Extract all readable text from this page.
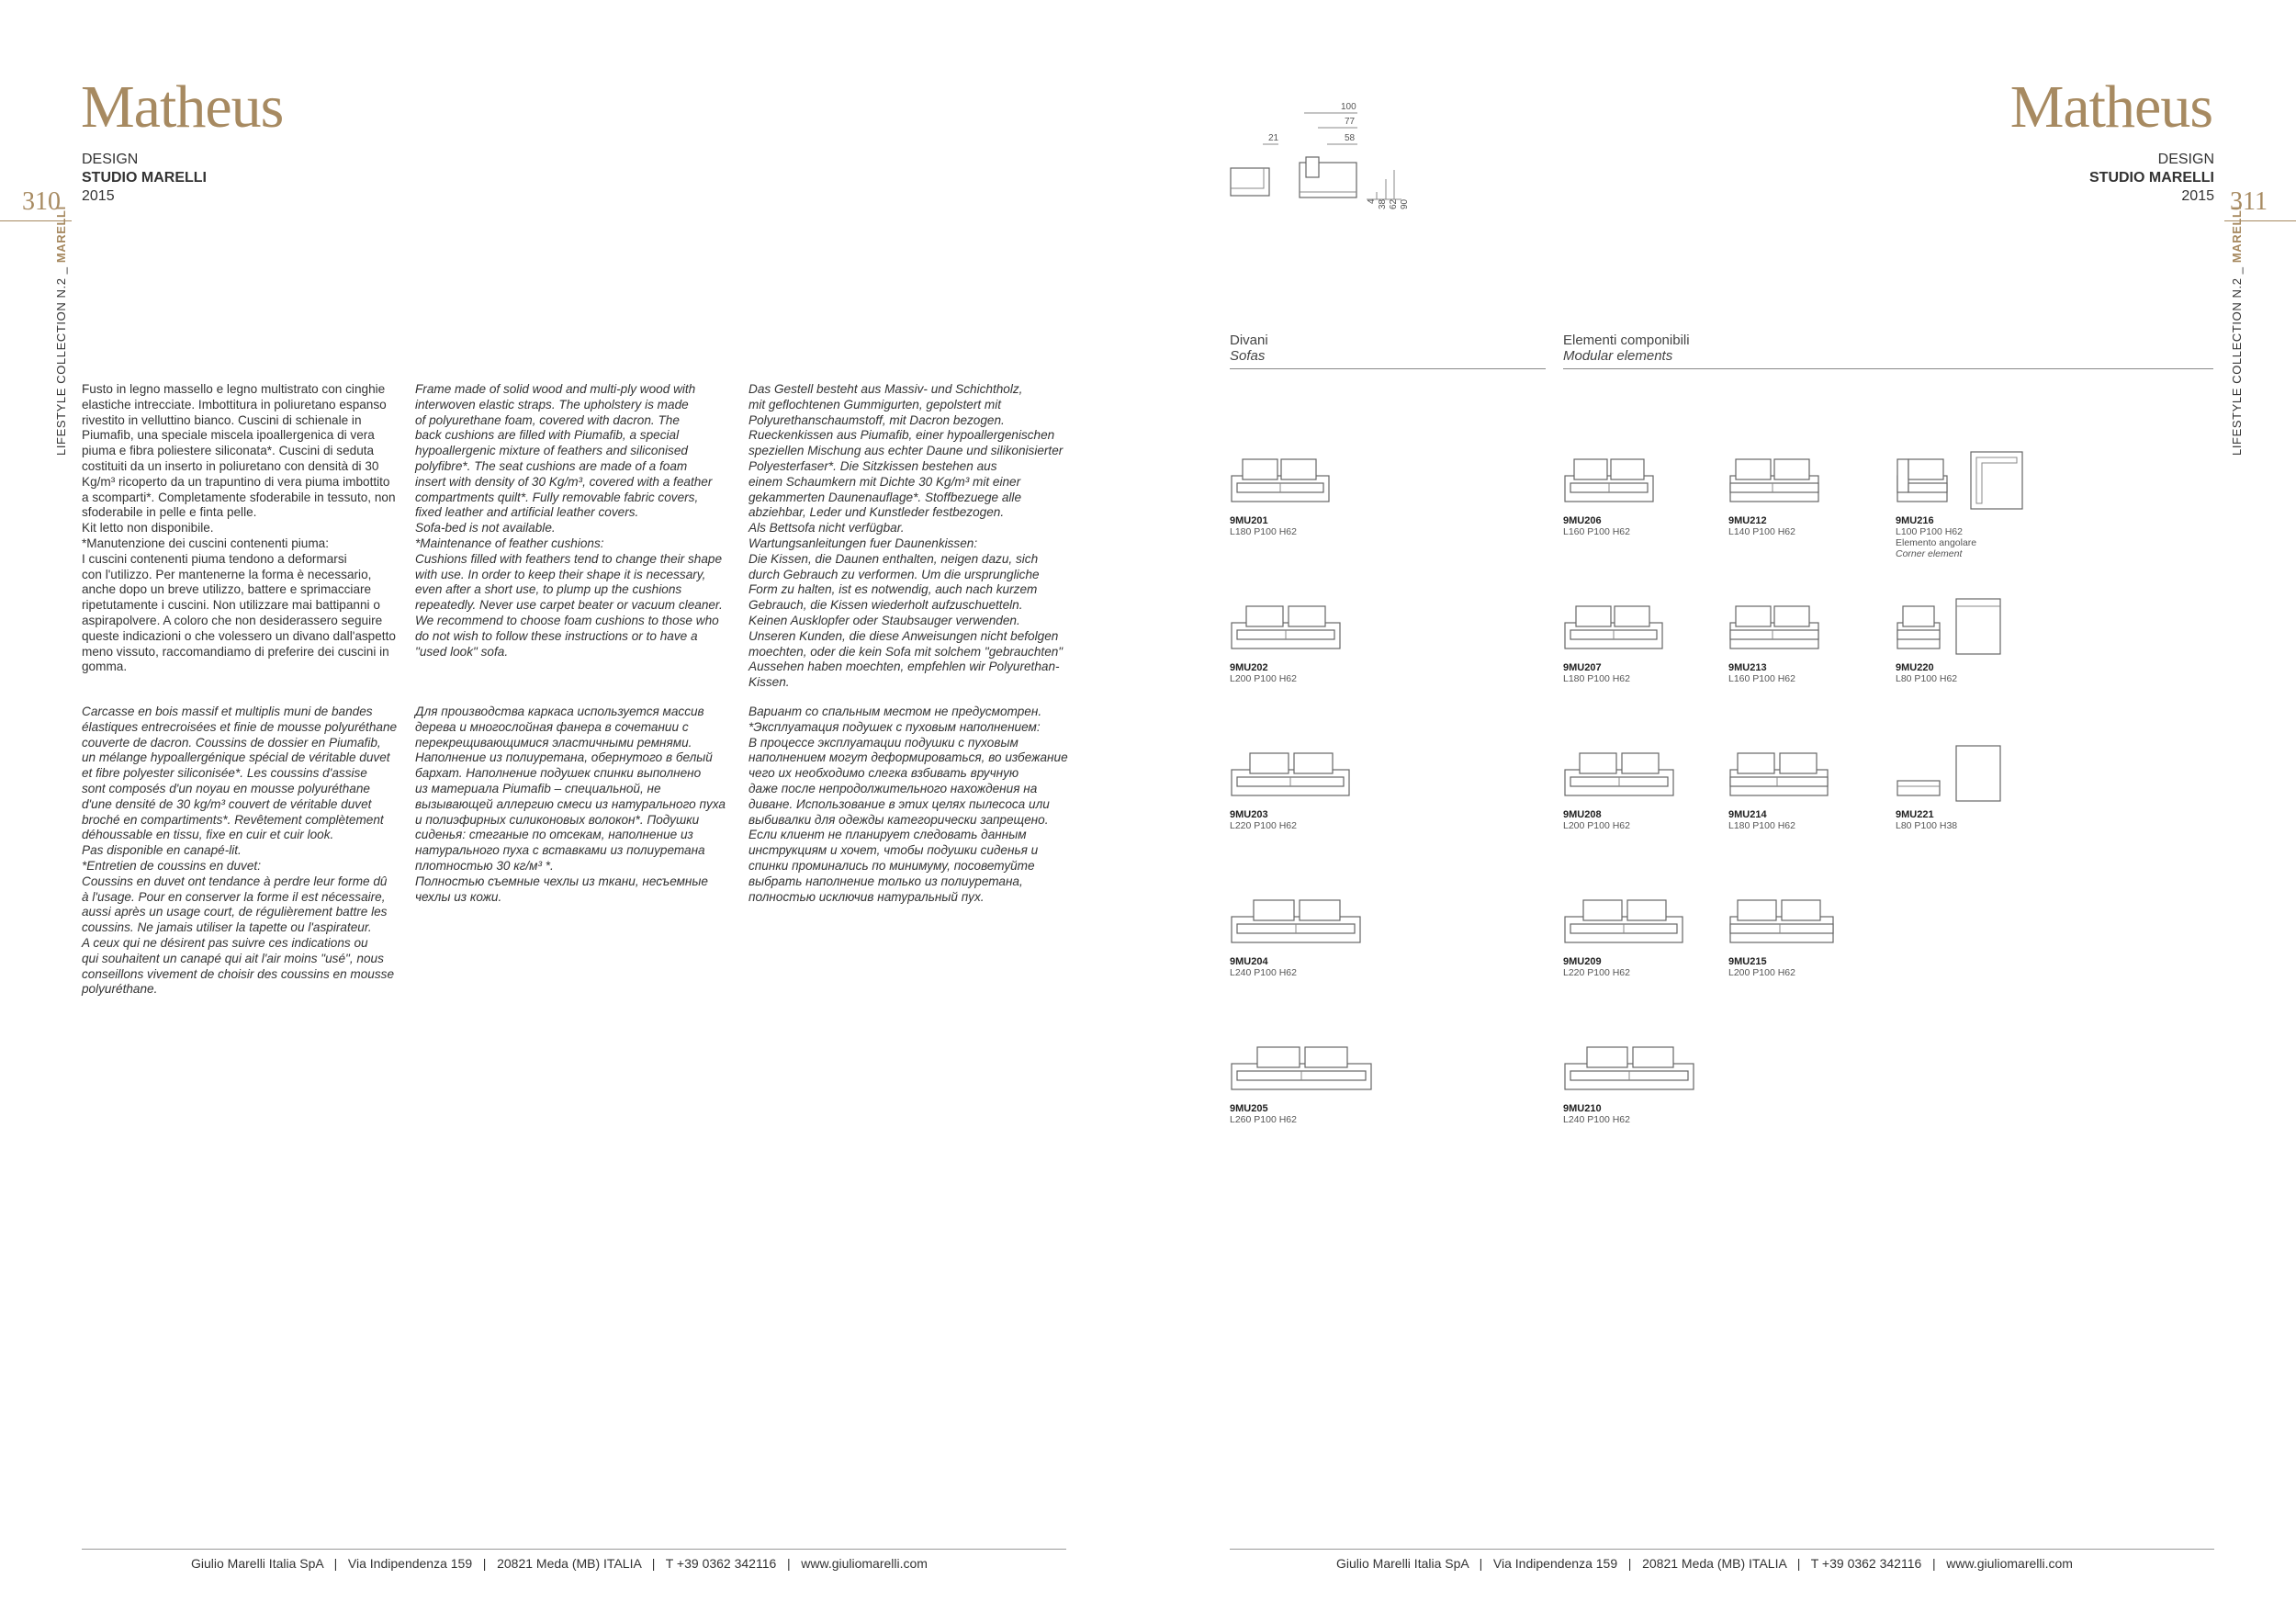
Matheus
DESIGN
STUDIO MARELLI
2015
310
LIFESTYLE COLLECTION N.2 _ MARELLI
Fusto in legno massello e legno multistrato con cinghie
elastiche intrecciate. Imbottitura in poliuretano espanso
rivestito in velluttino bianco. Cuscini di schienale in
Piumafib, una speciale miscela ipoallergenica di vera
piuma e fibra poliestere siliconata*. Cuscini di seduta
costituiti da un inserto in poliuretano con densità di 30
Kg/m³ ricoperto da un trapuntino di vera piuma imbottito
a scomparti*. Completamente sfoderabile in tessuto, non
sfoderabile in pelle e finta pelle.
Kit letto non disponibile.
*Manutenzione dei cuscini contenenti piuma:
I cuscini contenenti piuma tendono a deformarsi
con l'utilizzo. Per mantenerne la forma è necessario,
anche dopo un breve utilizzo, battere e sprimacciare
ripetutamente i cuscini. Non utilizzare mai battipanni o
aspirapolvere. A coloro che non desiderassero seguire
queste indicazioni o che volessero un divano dall'aspetto
meno vissuto, raccomandiamo di preferire dei cuscini in
gomma.
Frame made of solid wood and multi-ply wood with
interwoven elastic straps. The upholstery is made
of polyurethane foam, covered with dacron. The
back cushions are filled with Piumafib, a special
hypoallergenic mixture of feathers and siliconised
polyfibre*. The seat cushions are made of a foam
insert with density of 30 Kg/m³, covered with a feather
compartments quilt*. Fully removable fabric covers,
fixed leather and artificial leather covers.
Sofa-bed is not available.
*Maintenance of feather cushions:
Cushions filled with feathers tend to change their shape
with use. In order to keep their shape it is necessary,
even after a short use, to plump up the cushions
repeatedly. Never use carpet beater or vacuum cleaner.
We recommend to choose foam cushions to those who
do not wish to follow these instructions or to have a
"used look" sofa.
Das Gestell besteht aus Massiv- und Schichtholz,
mit geflochtenen Gummigurten, gepolstert mit
Polyurethanschaumstoff, mit Dacron bezogen.
Rueckenkissen aus Piumafib, einer hypoallergenischen
speziellen Mischung aus echter Daune und silikonisierter
Polyesterfaser*. Die Sitzkissen bestehen aus
einem Schaumkern mit Dichte 30 Kg/m³ mit einer
gekammerten Daunenauflage*. Stoffbezuege alle
abziehbar, Leder und Kunstleder festbezogen.
Als Bettsofa nicht verfügbar.
Wartungsanleitungen fuer Daunenkissen:
Die Kissen, die Daunen enthalten, neigen dazu, sich
durch Gebrauch zu verformen. Um die ursprungliche
Form zu halten, ist es notwendig, auch nach kurzem
Gebrauch, die Kissen wiederholt aufzuschuetteln.
Keinen Ausklopfer oder Staubsauger verwenden.
Unseren Kunden, die diese Anweisungen nicht befolgen
moechten, oder die kein Sofa mit solchem "gebrauchten"
Aussehen haben moechten, empfehlen wir Polyurethan-
Kissen.
Carcasse en bois massif et multiplis muni de bandes
élastiques entrecroisées et finie de mousse polyuréthane
couverte de dacron. Coussins de dossier en Piumafib,
un mélange hypoallergénique spécial de véritable duvet
et fibre polyester siliconisée*. Les coussins d'assise
sont composés d'un noyau en mousse polyuréthane
d'une densité de 30 kg/m³ couvert de véritable duvet
broché en compartiments*. Revêtement complètement
déhoussable en tissu, fixe en cuir et cuir look.
Pas disponible en canapé-lit.
*Entretien de coussins en duvet:
Coussins en duvet ont tendance à perdre leur forme dû
à l'usage. Pour en conserver la forme il est nécessaire,
aussi après un usage court, de régulièrement battre les
coussins. Ne jamais utiliser la tapette ou l'aspirateur.
A ceux qui ne désirent pas suivre ces indications ou
qui souhaitent un canapé qui ait l'air moins "usé", nous
conseillons vivement de choisir des coussins en mousse
polyuréthane.
Для производства каркаса используется массив
дерева и многослойная фанера в сочетании с
перекрещивающимися эластичными ремнями.
Наполнение из полиуретана, обернутого в белый
бархат. Наполнение подушек спинки выполнено
из материала Piumafib – специальной, не
вызывающей аллергию смеси из натурального пуха
и полиэфирных силиконовых волокон*. Подушки
сиденья: стеганые по отсекам, наполнение из
натурального пуха с вставками из полиуретана
плотностью 30 кг/м³ *.
Полностью съемные чехлы из ткани, несъемные
чехлы из кожи.
Вариант со спальным местом не предусмотрен.
*Эксплуатация подушек с пуховым наполнением:
В процессе эксплуатации подушки с пуховым
наполнением могут деформироваться, во избежание
чего их необходимо слегка взбивать вручную
даже после непродолжительного нахождения на
диване. Использование в этих целях пылесоса или
выбивалки для одежды категорически запрещено.
Если клиент не планирует следовать данным
инструкциям и хочет, чтобы подушки сиденья и
спинки проминались по минимуму, посоветуйте
выбрать наполнение только из полиуретана,
полностью исключив натуральный пух.
Giulio Marelli Italia SpA   |   Via Indipendenza 159   |   20821 Meda (MB) ITALIA   |   T +39 0362 342116   |   www.giuliomarelli.com
Matheus
DESIGN
STUDIO MARELLI
2015 311
LIFESTYLE COLLECTION N.2 _ MARELLI
100
77
58
21
4 38 62 90
Divani
Sofas
Elementi componibili
Modular elements
9MU201
L180 P100 H62
9MU202
L200 P100 H62
9MU203
L220 P100 H62
9MU204
L240 P100 H62
9MU205
L260 P100 H62
9MU206
L160 P100 H62
9MU207
L180 P100 H62
9MU208
L200 P100 H62
9MU209
L220 P100 H62
9MU210
L240 P100 H62
9MU212
L140 P100 H62
9MU213
L160 P100 H62
9MU214
L180 P100 H62
9MU215
L200 P100 H62
9MU216
L100 P100 H62
Elemento angolare
Corner element
9MU220
L80 P100 H62
9MU221
L80 P100 H38
Giulio Marelli Italia SpA   |   Via Indipendenza 159   |   20821 Meda (MB) ITALIA   |   T +39 0362 342116   |   www.giuliomarelli.com
